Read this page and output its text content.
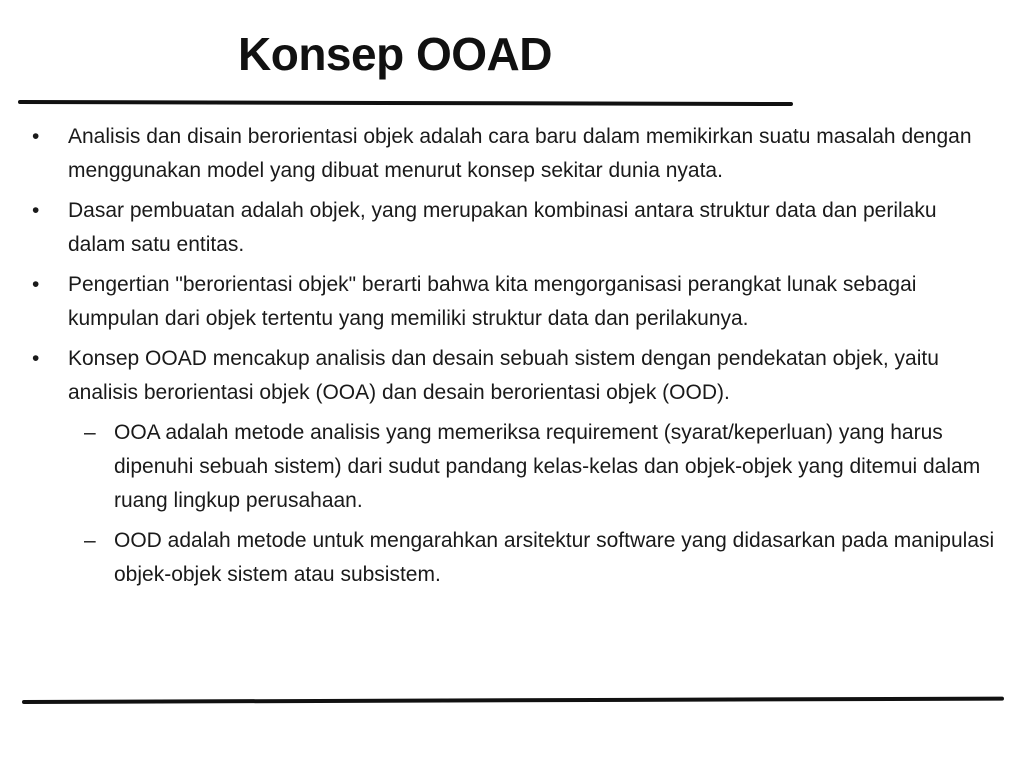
Konsep OOAD
• Analisis dan disain berorientasi objek adalah cara baru dalam memikirkan suatu masalah dengan menggunakan model yang dibuat menurut konsep sekitar dunia nyata.
• Dasar pembuatan adalah objek, yang merupakan kombinasi antara struktur data dan perilaku dalam satu entitas.
• Pengertian "berorientasi objek" berarti bahwa kita mengorganisasi perangkat lunak sebagai kumpulan dari objek tertentu yang memiliki struktur data dan perilakunya.
• Konsep OOAD mencakup analisis dan desain sebuah sistem dengan pendekatan objek, yaitu analisis berorientasi objek (OOA) dan desain berorientasi objek (OOD).
– OOA adalah metode analisis yang memeriksa requirement (syarat/keperluan) yang harus dipenuhi sebuah sistem) dari sudut pandang kelas-kelas dan objek-objek yang ditemui dalam ruang lingkup perusahaan.
– OOD adalah metode untuk mengarahkan arsitektur software yang didasarkan pada manipulasi objek-objek sistem atau subsistem.
